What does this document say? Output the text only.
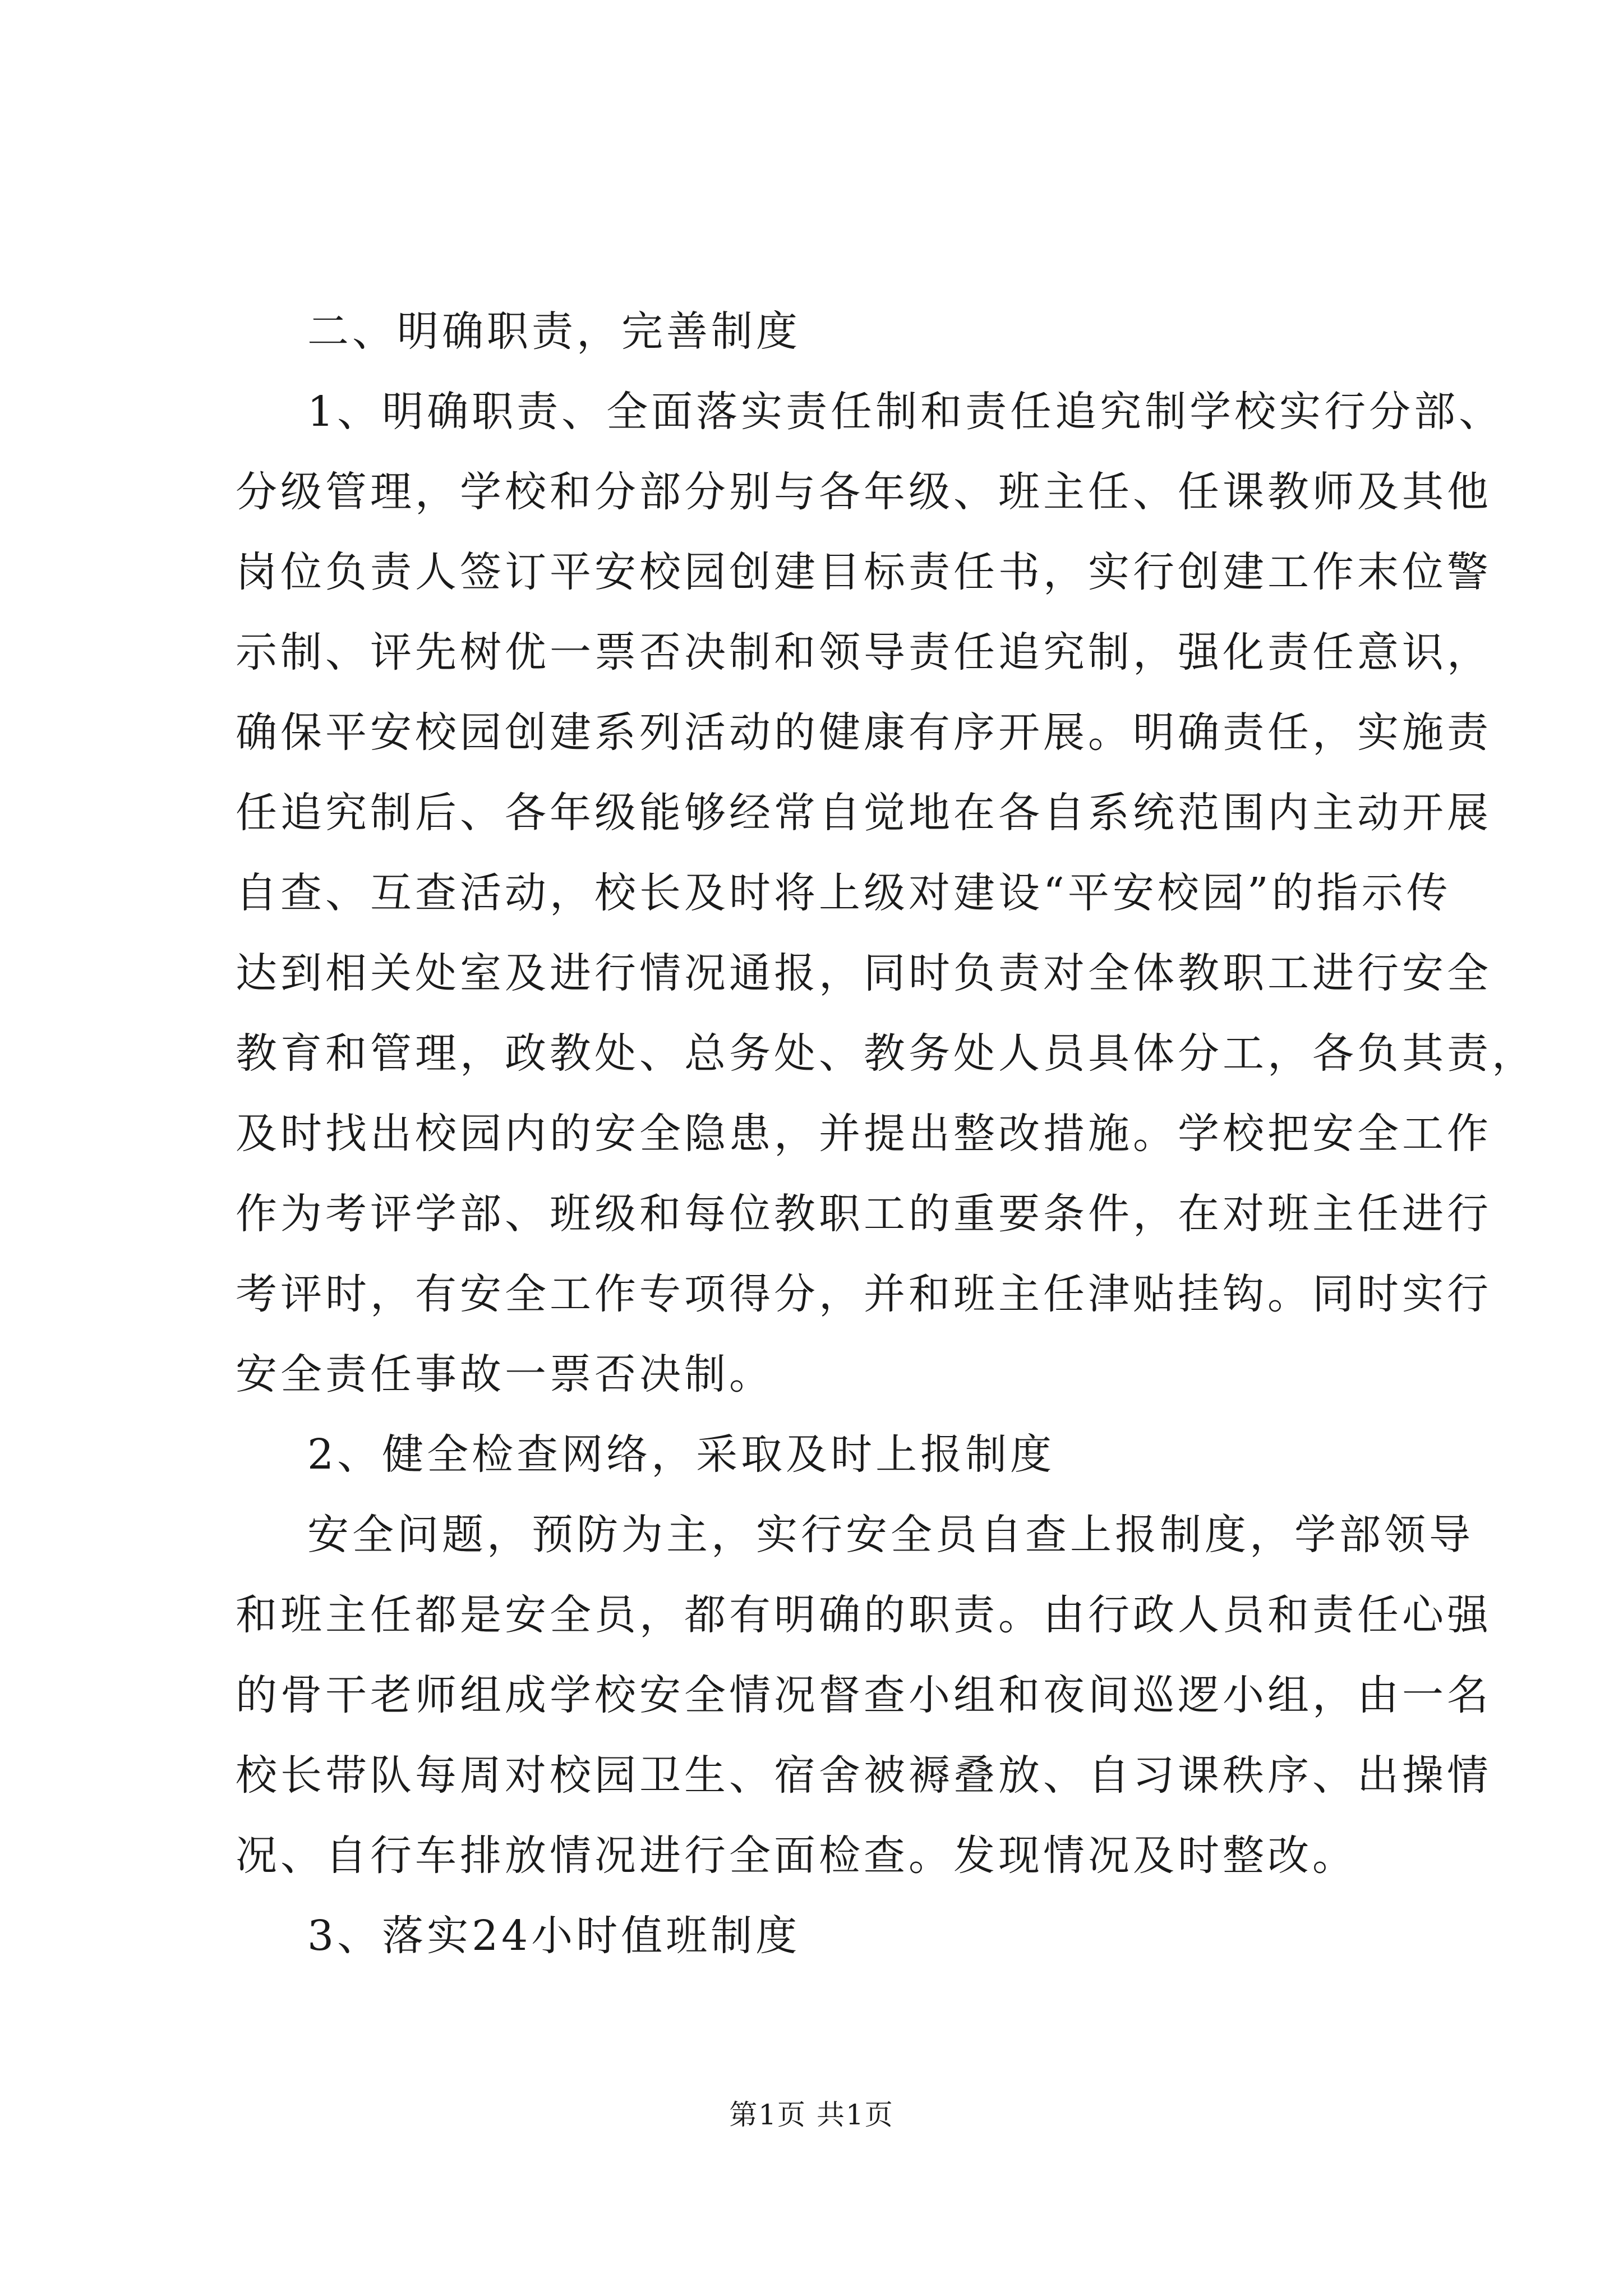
二、明确职责，完善制度
1、明确职责、全面落实责任制和责任追究制学校实行分部、
分级管理，学校和分部分别与各年级、班主任、任课教师及其他
岗位负责人签订平安校园创建目标责任书，实行创建工作末位警
示制、评先树优一票否决制和领导责任追究制，强化责任意识，
确保平安校园创建系列活动的健康有序开展。明确责任，实施责
任追究制后、各年级能够经常自觉地在各自系统范围内主动开展
自查、互查活动，校长及时将上级对建设“平安校园”的指示传
达到相关处室及进行情况通报，同时负责对全体教职工进行安全
教育和管理，政教处、总务处、教务处人员具体分工，各负其责，
及时找出校园内的安全隐患，并提出整改措施。学校把安全工作
作为考评学部、班级和每位教职工的重要条件，在对班主任进行
考评时，有安全工作专项得分，并和班主任津贴挂钩。同时实行
安全责任事故一票否决制。
2、健全检查网络，采取及时上报制度
安全问题，预防为主，实行安全员自查上报制度，学部领导
和班主任都是安全员，都有明确的职责。由行政人员和责任心强
的骨干老师组成学校安全情况督查小组和夜间巡逻小组，由一名
校长带队每周对校园卫生、宿舍被褥叠放、自习课秩序、出操情
况、自行车排放情况进行全面检查。发现情况及时整改。
3、落实24小时值班制度
第1页 共1页
